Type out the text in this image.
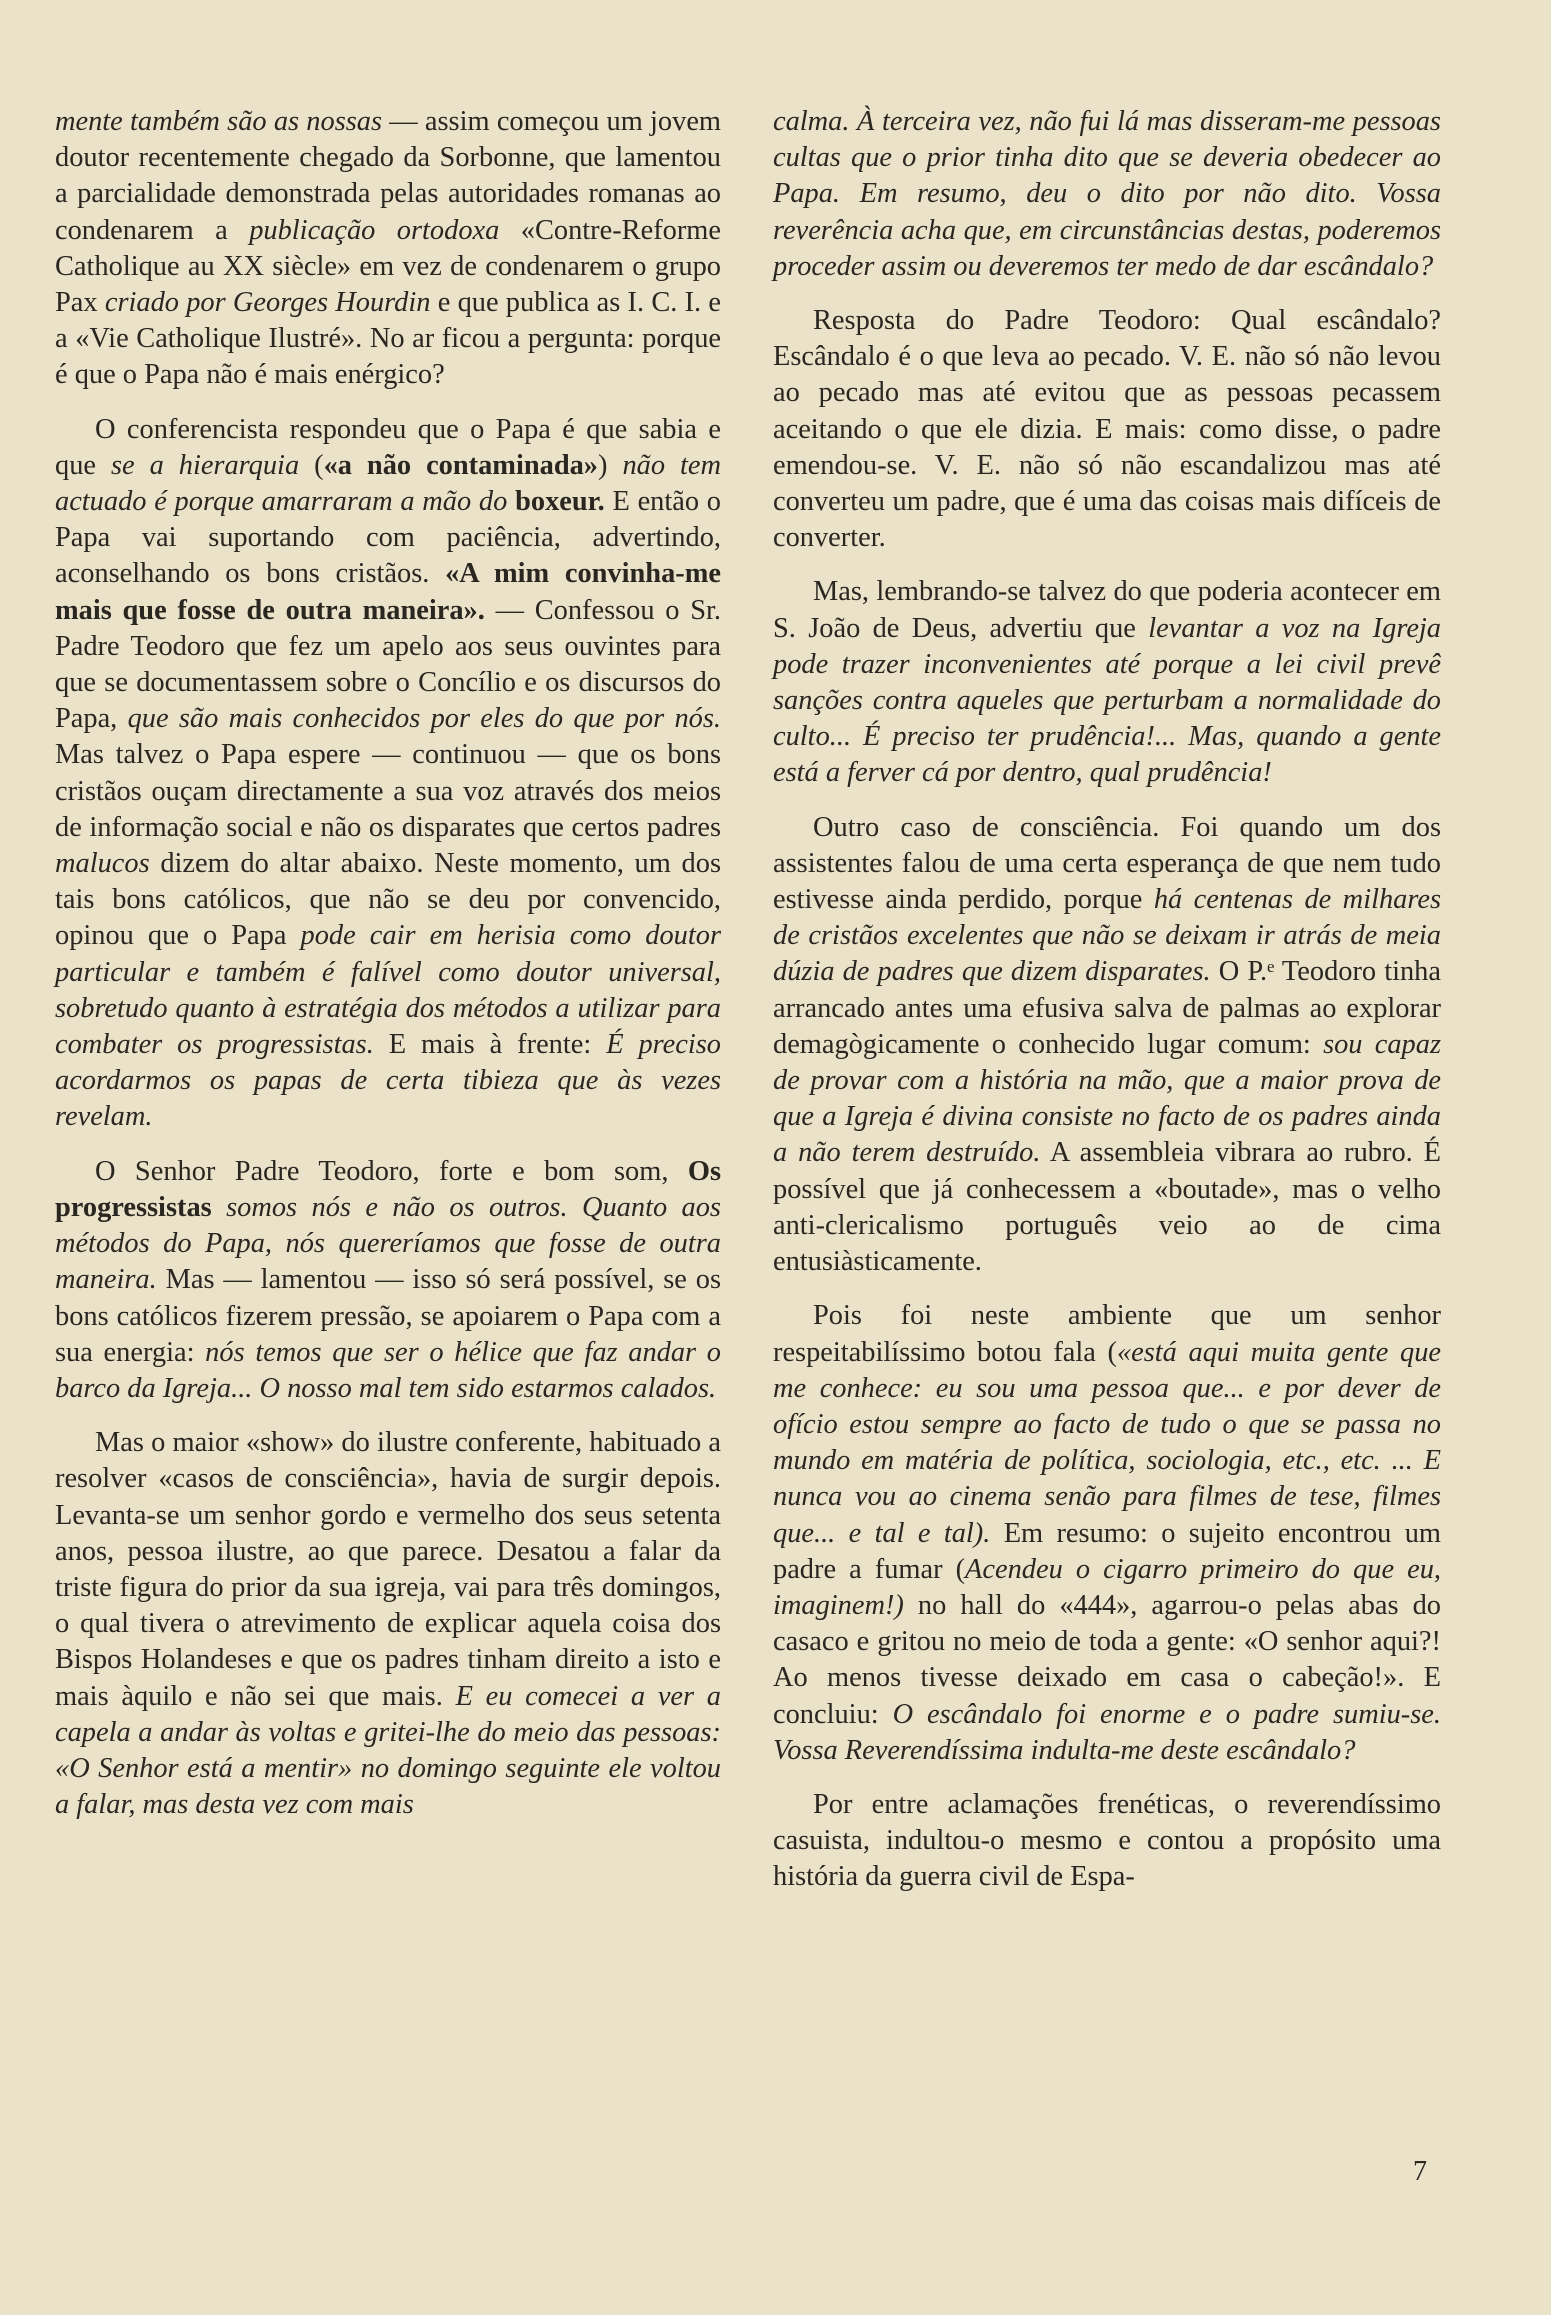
mente também são as nossas — assim começou um jovem doutor recentemente chegado da Sorbonne, que lamentou a parcialidade demonstrada pelas autoridades romanas ao condenarem a publicação ortodoxa «Contre-Reforme Catholique au XX siècle» em vez de condenarem o grupo Pax criado por Georges Hourdin e que publica as I. C. I. e a «Vie Catholique Ilustré». No ar ficou a pergunta: porque é que o Papa não é mais enérgico?

O conferencista respondeu que o Papa é que sabia e que se a hierarquia («a não contaminada») não tem actuado é porque amarraram a mão do boxeur. E então o Papa vai suportando com paciência, advertindo, aconselhando os bons cristãos. «A mim convinha-me mais que fosse de outra maneira». — Confessou o Sr. Padre Teodoro que fez um apelo aos seus ouvintes para que se documentassem sobre o Concílio e os discursos do Papa, que são mais conhecidos por eles do que por nós. Mas talvez o Papa espere — continuou — que os bons cristãos ouçam directamente a sua voz através dos meios de informação social e não os disparates que certos padres malucos dizem do altar abaixo. Neste momento, um dos tais bons católicos, que não se deu por convencido, opinou que o Papa pode cair em herisia como doutor particular e também é falível como doutor universal, sobretudo quanto à estratégia dos métodos a utilizar para combater os progressistas. E mais à frente: É preciso acordarmos os papas de certa tibieza que às vezes revelam.

O Senhor Padre Teodoro, forte e bom som, Os progressistas somos nós e não os outros. Quanto aos métodos do Papa, nós quereríamos que fosse de outra maneira. Mas — lamentou — isso só será possível, se os bons católicos fizerem pressão, se apoiarem o Papa com a sua energia: nós temos que ser o hélice que faz andar o barco da Igreja... O nosso mal tem sido estarmos calados.

Mas o maior «show» do ilustre conferente, habituado a resolver «casos de consciência», havia de surgir depois. Levanta-se um senhor gordo e vermelho dos seus setenta anos, pessoa ilustre, ao que parece. Desatou a falar da triste figura do prior da sua igreja, vai para três domingos, o qual tivera o atrevimento de explicar aquela coisa dos Bispos Holandeses e que os padres tinham direito a isto e mais àquilo e não sei que mais. E eu comecei a ver a capela a andar às voltas e gritei-lhe do meio das pessoas: «O Senhor está a mentir» no domingo seguinte ele voltou a falar, mas desta vez com mais

calma. À terceira vez, não fui lá mas disseram-me pessoas cultas que o prior tinha dito que se deveria obedecer ao Papa. Em resumo, deu o dito por não dito. Vossa reverência acha que, em circunstâncias destas, poderemos proceder assim ou deveremos ter medo de dar escândalo?

Resposta do Padre Teodoro: Qual escândalo? Escândalo é o que leva ao pecado. V. E. não só não levou ao pecado mas até evitou que as pessoas pecassem aceitando o que ele dizia. E mais: como disse, o padre emendou-se. V. E. não só não escandalizou mas até converteu um padre, que é uma das coisas mais difíceis de converter.

Mas, lembrando-se talvez do que poderia acontecer em S. João de Deus, advertiu que levantar a voz na Igreja pode trazer inconvenientes até porque a lei civil prevê sanções contra aqueles que perturbam a normalidade do culto... É preciso ter prudência!... Mas, quando a gente está a ferver cá por dentro, qual prudência!

Outro caso de consciência. Foi quando um dos assistentes falou de uma certa esperança de que nem tudo estivesse ainda perdido, porque há centenas de milhares de cristãos excelentes que não se deixam ir atrás de meia dúzia de padres que dizem disparates. O P.ᵉ Teodoro tinha arrancado antes uma efusiva salva de palmas ao explorar demagògicamente o conhecido lugar comum: sou capaz de provar com a história na mão, que a maior prova de que a Igreja é divina consiste no facto de os padres ainda a não terem destruído. A assembleia vibrara ao rubro. É possível que já conhecessem a «boutade», mas o velho anti-clericalismo português veio ao de cima entusiàsticamente.

Pois foi neste ambiente que um senhor respeitabilíssimo botou fala («está aqui muita gente que me conhece: eu sou uma pessoa que... e por dever de ofício estou sempre ao facto de tudo o que se passa no mundo em matéria de política, sociologia, etc., etc. ... E nunca vou ao cinema senão para filmes de tese, filmes que... e tal e tal). Em resumo: o sujeito encontrou um padre a fumar (Acendeu o cigarro primeiro do que eu, imaginem!) no hall do «444», agarrou-o pelas abas do casaco e gritou no meio de toda a gente: «O senhor aqui?! Ao menos tivesse deixado em casa o cabeção!». E concluiu: O escândalo foi enorme e o padre sumiu-se. Vossa Reverendíssima indulta-me deste escândalo?

Por entre aclamações frenéticas, o reverendíssimo casuista, indultou-o mesmo e contou a propósito uma história da guerra civil de Espa-

7
